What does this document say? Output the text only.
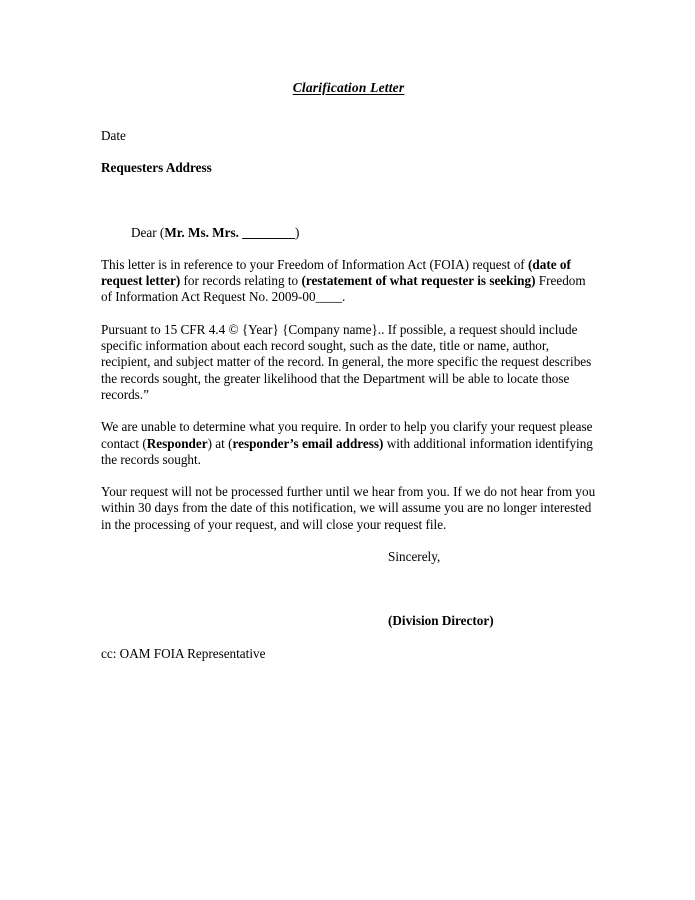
Clarification Letter

Date

Requesters Address

Dear (Mr. Ms. Mrs. ________)

This letter is in reference to your Freedom of Information Act (FOIA) request of (date of request letter) for records relating to (restatement of what requester is seeking) Freedom of Information Act Request No. 2009-00____.

Pursuant to 15 CFR 4.4 © {Year} {Company name}.. If possible, a request should include specific information about each record sought, such as the date, title or name, author, recipient, and subject matter of the record. In general, the more specific the request describes the records sought, the greater likelihood that the Department will be able to locate those records.”

We are unable to determine what you require. In order to help you clarify your request please contact (Responder) at (responder’s email address) with additional information identifying the records sought.

Your request will not be processed further until we hear from you. If we do not hear from you within 30 days from the date of this notification, we will assume you are no longer interested in the processing of your request, and will close your request file.

Sincerely,

(Division Director)

cc: OAM FOIA Representative
